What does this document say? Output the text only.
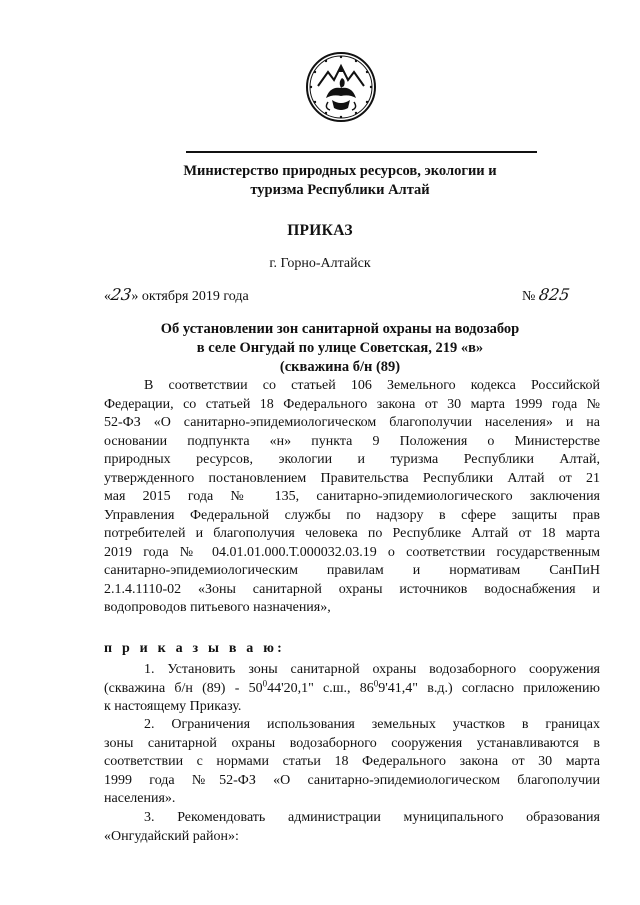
Министерство природных ресурсов, экологии и
туризма Республики Алтай
ПРИКАЗ
г. Горно-Алтайск
«23» октября 2019 года	№ 825
Об установлении зон санитарной охраны на водозабор
в селе Онгудай по улице Советская, 219 «в»
(скважина б/н (89)
В соответствии со статьей 106 Земельного кодекса Российской
Федерации, со статьей 18 Федерального закона от 30 марта 1999 года №
52-ФЗ «О санитарно-эпидемиологическом благополучии населения» и на
основании подпункта «н» пункта 9 Положения о Министерстве
природных ресурсов, экологии и туризма Республики Алтай,
утвержденного постановлением Правительства Республики Алтай от 21
мая 2015 года № 135, санитарно-эпидемиологического заключения
Управления Федеральной службы по надзору в сфере защиты прав
потребителей и благополучия человека по Республике Алтай от 18 марта
2019 года № 04.01.01.000.Т.000032.03.19 о соответствии государственным
санитарно-эпидемиологическим правилам и нормативам СанПиН
2.1.4.1110-02 «Зоны санитарной охраны источников водоснабжения и
водопроводов питьевого назначения»,
п р и к а з ы в а ю:
1. Установить зоны санитарной охраны водозаборного сооружения
(скважина б/н $(89) - 50^044'20,1$" с.ш., $86^09'41,4$" в.д.) согласно приложению
к настоящему Приказу.
2. Ограничения использования земельных участков в границах
зоны санитарной охраны водозаборного сооружения устанавливаются в
соответствии с нормами статьи 18 Федерального закона от 30 марта
1999 года №52-ФЗ «О санитарно-эпидемиологическом благополучии
населения».
3. Рекомендовать администрации муниципального образования
«Онгудайский район»:
